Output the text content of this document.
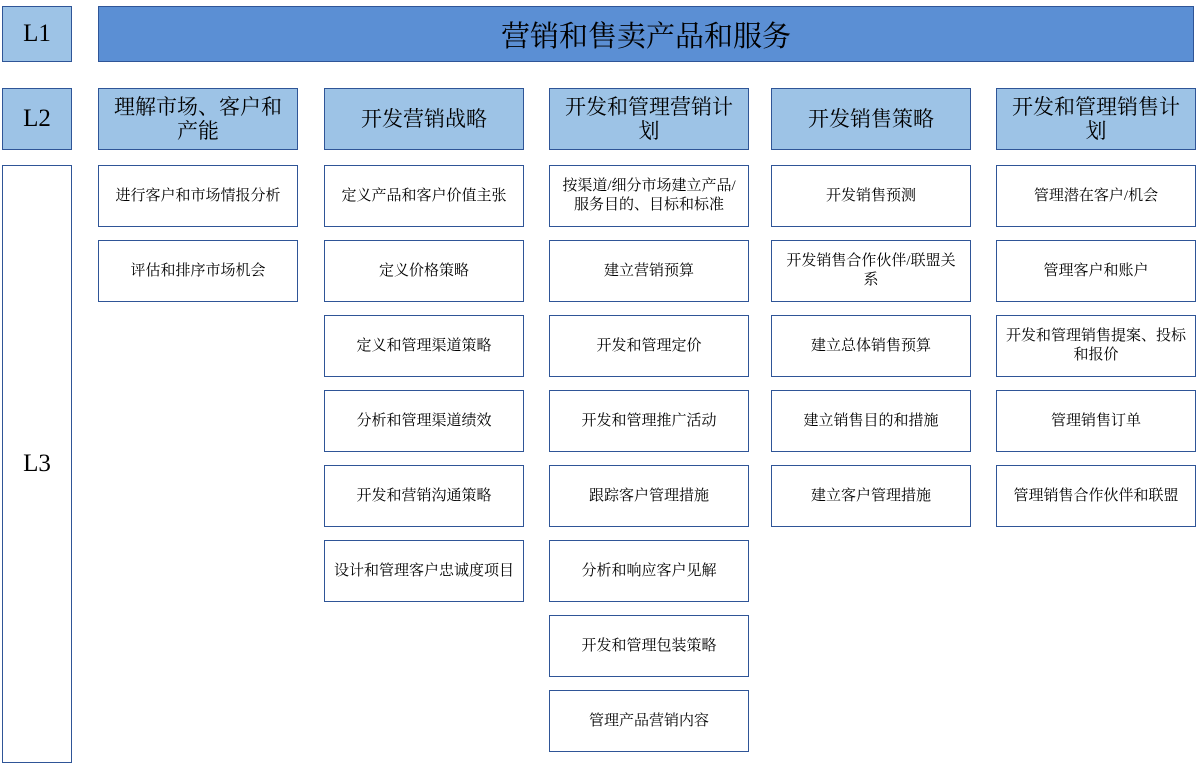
L1
L2
L3
营销和售卖产品和服务
理解市场、客户和产能
进行客户和市场情报分析
评估和排序市场机会
开发营销战略
定义产品和客户价值主张
定义价格策略
定义和管理渠道策略
分析和管理渠道绩效
开发和营销沟通策略
设计和管理客户忠诚度项目
开发和管理营销计划
按渠道/细分市场建立产品/服务目的、目标和标准
建立营销预算
开发和管理定价
开发和管理推广活动
跟踪客户管理措施
分析和响应客户见解
开发和管理包装策略
管理产品营销内容
开发销售策略
开发销售预测
开发销售合作伙伴/联盟关系
建立总体销售预算
建立销售目的和措施
建立客户管理措施
开发和管理销售计划
管理潜在客户/机会
管理客户和账户
开发和管理销售提案、投标和报价
管理销售订单
管理销售合作伙伴和联盟
